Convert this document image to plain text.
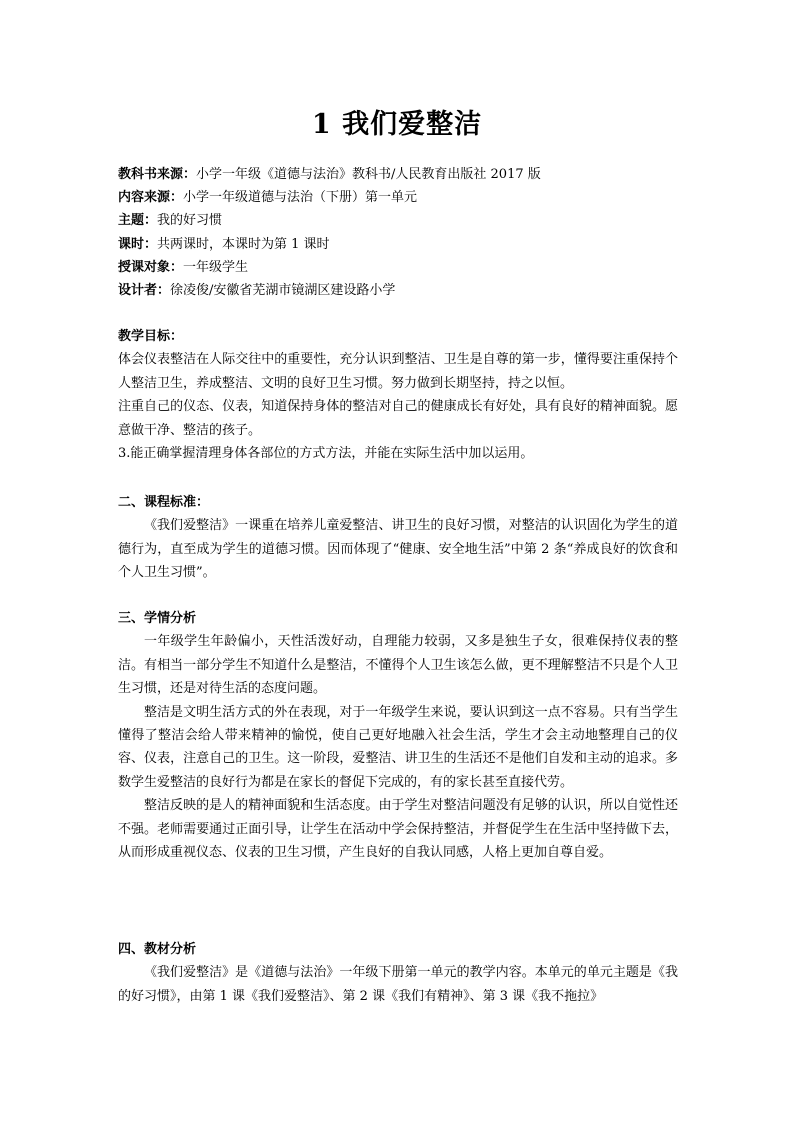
1 我们爱整洁
教科书来源：小学一年级《道德与法治》教科书/人民教育出版社 2017 版
内容来源：小学一年级道德与法治（下册）第一单元
主题：我的好习惯
课时：共两课时，本课时为第 1 课时
授课对象：一年级学生
设计者：徐凌俊/安徽省芜湖市镜湖区建设路小学
教学目标：

体会仪表整洁在人际交往中的重要性，充分认识到整洁、卫生是自尊的第一步，懂得要注重保持个人整洁卫生，养成整洁、文明的良好卫生习惯。努力做到长期坚持，持之以恒。

注重自己的仪态、仪表，知道保持身体的整洁对自己的健康成长有好处，具有良好的精神面貌。愿意做干净、整洁的孩子。

3.能正确掌握清理身体各部位的方式方法，并能在实际生活中加以运用。

二、课程标准：

《我们爱整洁》一课重在培养儿童爱整洁、讲卫生的良好习惯，对整洁的认识固化为学生的道德行为，直至成为学生的道德习惯。因而体现了“健康、安全地生活”中第 2 条“养成良好的饮食和个人卫生习惯”。

三、学情分析

一年级学生年龄偏小，天性活泼好动，自理能力较弱，又多是独生子女，很难保持仪表的整洁。有相当一部分学生不知道什么是整洁，不懂得个人卫生该怎么做，更不理解整洁不只是个人卫生习惯，还是对待生活的态度问题。

整洁是文明生活方式的外在表现，对于一年级学生来说，要认识到这一点不容易。只有当学生懂得了整洁会给人带来精神的愉悦，使自己更好地融入社会生活，学生才会主动地整理自己的仪容、仪表，注意自己的卫生。这一阶段，爱整洁、讲卫生的生活还不是他们自发和主动的追求。多数学生爱整洁的良好行为都是在家长的督促下完成的，有的家长甚至直接代劳。

整洁反映的是人的精神面貌和生活态度。由于学生对整洁问题没有足够的认识，所以自觉性还不强。老师需要通过正面引导，让学生在活动中学会保持整洁，并督促学生在生活中坚持做下去，从而形成重视仪态、仪表的卫生习惯，产生良好的自我认同感，人格上更加自尊自爱。

四、教材分析

《我们爱整洁》是《道德与法治》一年级下册第一单元的教学内容。本单元的单元主题是《我的好习惯》，由第 1 课《我们爱整洁》、第 2 课《我们有精神》、第 3 课《我不拖拉》
